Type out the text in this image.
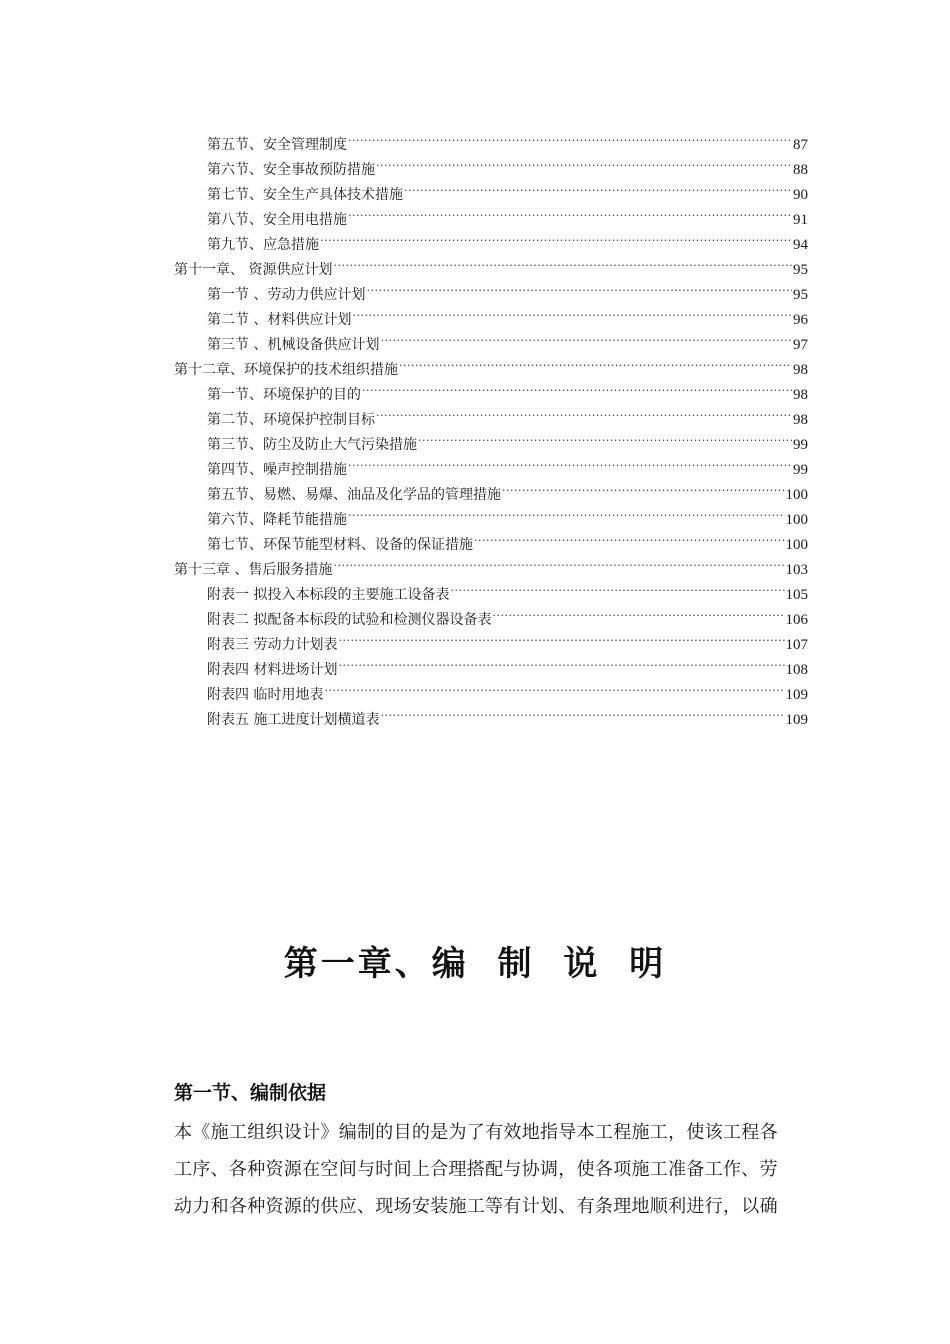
第五节、安全管理制度 .....	87
第六节、安全事故预防措施 .....	88
第七节、安全生产具体技术措施 .....	90
第八节、安全用电措施 .....	91
第九节、应急措施 .....	94
第十一章、 资源供应计划 .....	95
第一节 、劳动力供应计划 .....	95
第二节 、材料供应计划 .....	96
第三节 、机械设备供应计划 .....	97
第十二章、环境保护的技术组织措施 .....	98
第一节、环境保护的目的 .....	98
第二节、环境保护控制目标 .....	98
第三节、防尘及防止大气污染措施 .....	99
第四节、噪声控制措施 .....	99
第五节、易燃、易爆、油品及化学品的管理措施 .....	100
第六节、降耗节能措施 .....	100
第七节、环保节能型材料、设备的保证措施 .....	100
第十三章 、售后服务措施 .....	103
附表一 拟投入本标段的主要施工设备表 .....	105
附表二 拟配备本标段的试验和检测仪器设备表 .....	106
附表三 劳动力计划表 .....	107
附表四 材料进场计划 .....	108
附表四 临时用地表 .....	109
附表五 施工进度计划横道表 .....	109
第一章、编 制 说 明
第一节、编制依据
本《施工组织设计》编制的目的是为了有效地指导本工程施工，使该工程各
工序、各种资源在空间与时间上合理搭配与协调，使各项施工准备工作、劳
动力和各种资源的供应、现场安装施工等有计划、有条理地顺利进行，以确
